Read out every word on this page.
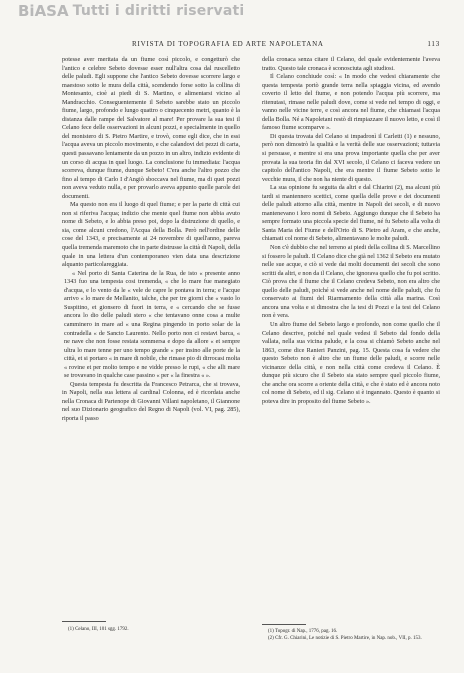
BiASA Tutti i diritti riservati
RIVISTA DI TOPOGRAFIA ED ARTE NAPOLETANA	113

potesse aver meritata da un fiume così piccolo, e congetturò che l'antico e celebre Sebeto dovesse esser null'altra cosa dal ruscelletto delle paludi. Egli suppone che l'antico Sebeto dovesse scorrere largo e maestoso sotto le mura della città, scendendo forse sotto la collina di Montesanto, cioè ai piedi di S. Martino, e alimentarsi vicino al Mandracchio. Conseguentemente il Sebeto sarebbe stato un piccolo fiume, largo, profondo e lungo quattro o cinquecento metri, quanto è la distanza dalle rampe del Salvatore al mare! Per provare la sua tesi il Celano fece delle osservazioni in alcuni pozzi, e specialmente in quello del monistero di S. Pietro Martire, e trovò, come egli dice, che in essi l'acqua aveva un piccolo movimento, e che calandovi dei pezzi di carta, questi passavano lentamente da un pozzo in un altro, indizio evidente di un corso di acqua in quel luogo. La conclusione fu immediata: l'acqua scorreva, dunque fiume, dunque Sebeto! C'era anche l'altro pozzo che fino al tempo di Carlo I d'Angiò sboccava nel fiume, ma di quei pozzi non aveva veduto nulla, e per provarlo aveva appunto quelle parole dei documenti.

Ma questo non era il luogo di quel fiume; e per la parte di città cui non si riferiva l'acqua; indizio che mente quel fiume non abbia avuto nome di Sebeto, e lo abbia preso poi, dopo la distruzione di quello, e sia, come alcuni credono, l'Acqua della Bolla. Però nell'ordine delle cose del 1343, e precisamente ai 24 novembre di quell'anno, pareva quella tremenda maremoto che in parte distrusse la città di Napoli, della quale in una lettera d'un contemporaneo vien data una descrizione alquanto particolareggiata.

« Nel porto di Santa Caterina de la Rua, de isto « presente anno 1343 fuo una tempesta cosi tremenda, « che lo mare fue manegiato d'acqua, e lo vento da le « vele de capre le pontava in terra; e l'acque arrivo « lo mare de Mellanito, talche, che per tre giorni che « vasto lo Suspitino, et gionsero di fuori in terra, e « cercando che se fusse ancora lo dio delle paludi stero « che tentavano onne cosa a multe camminero in mare ad « una Regina pingendo in porto solar de la contradella « de Sancto Laurento. Nello porto non ci restavi barca, « ne nave che non fosse restata sommersa e dopo da allore « et sempre ultra lo mare tenne per uno tempo grande « per insino alle porte de la città, et si portaro « in mare di nobile, che rimase pio di dirrocasi molta « rovine et per molto tempo e ne vidde presso le rupi, « che alli mare se trovavano in qualche case passino « per « la finestra « ».

Questa tempesta fu descritta da Francesco Petrarca, che si trovava, in Napoli, nella sua lettera al cardinal Colonna, ed è ricordata anche nella Cronaca di Partenope di Giovanni Villani napoletano, il Giannone nel suo Dizionario geografico del Regno di Napoli (vol. VI, pag. 285), riporta il passo

della cronaca senza citare il Celano, del quale evidentemente l'aveva tratto. Questo tale cronaca è sconosciuta agli studiosi.

Il Celano conchiude così: « In modo che vedesi chiaramente che questa tempesta portò grande terra nella spiaggia vicina, ed avendo coverto il letto del fiume, e non potendo l'acqua più scorrere, ma ritenutasi, rimase nelle paludi dove, come si vede nel tempo di oggi, e vanno nelle vicine terre, e così ancora nel fiume, che chiamasi l'acqua della Bolla. Né a Napoletani restò di rimpiazzare il nuovo letto, e così il famoso fiume scomparve ».

Di questa trovata del Celano si impadronì il Carletti (1) e nessuno, però non dimostrò la qualità e la verità delle sue osservazioni; tuttavia si persuase, e mentre si era una prova importante quella che per aver provata la sua teoria fin dal XVI secolo, il Celano ci faceva vedere un capitolo dell'antico Napoli, che era mentre il fiume Sebeto sotto le vecchie mura, il che non ha niente di questo.

La sua opinione fu seguita da altri e dal Chiarini (2), ma alcuni più tardi si mantennero scettici, come quella delle prove e dei documenti delle paludi attorno alla città, mentre in Napoli dei secoli, e di nuovo mantenevano i loro nomi di Sebeto. Aggiungo dunque che il Sebeto ha sempre formato una piccola specie del fiume, né fu Sebeto alla volta di Santa Maria del Fiume e dell'Orto di S. Pietro ad Aram, e che anche, chiamati col nome di Sebeto, alimentavano le molte paludi.

Non c'è dubbio che nel terreno ai piedi della collina di S. Marcellino si fossero le paludi. Il Celano dice che già nel 1362 il Sebeto era mutato nelle sue acque, e ciò si vede dai molti documenti dei secoli che sono scritti da altri, e non da il Celano, che ignorava quello che fu poi scritto. Ciò prova che il fiume che il Celano credeva Sebeto, non era altro che quello delle paludi, poiché si vede anche nel nome delle paludi, che fu conservato ai fiumi del Riarmamento della città alla marina. Così ancora una volta e si dimostra che la tesi di Pozzi e la tesi del Celano non è vera.

Un altro fiume del Sebeto largo e profondo, non come quello che il Celano descrive, poiché nel quale vedesi il Sebeto dal fondo della vallata, nella sua vicina palude, e la cosa si chiamò Sebeto anche nel 1863, come dice Ranieri Panzini, pag. 15. Questa cosa fa vedere che questo Sebeto non è altro che un fiume delle paludi, e scorre nelle vicinanze della città, e non nella città come credeva il Celano. È dunque più sicuro che il Sebeto sia stato sempre quel piccolo fiume, che anche ora scorre a oriente della città, e che è stato ed è ancora noto col nome di Sebeto, ed il sig. Celano si è ingannato. Questo è quanto si poteva dire in proposito del fiume Sebeto ».

(1) Celano, III, 101 sgg. 1792.	(1) Topogr. di Nap., 1776, pag. 16.

(2) Cfr. G. Chiarini, Le notizie di S. Pietro Martire, in Nap. nob., VII, p. 153.
